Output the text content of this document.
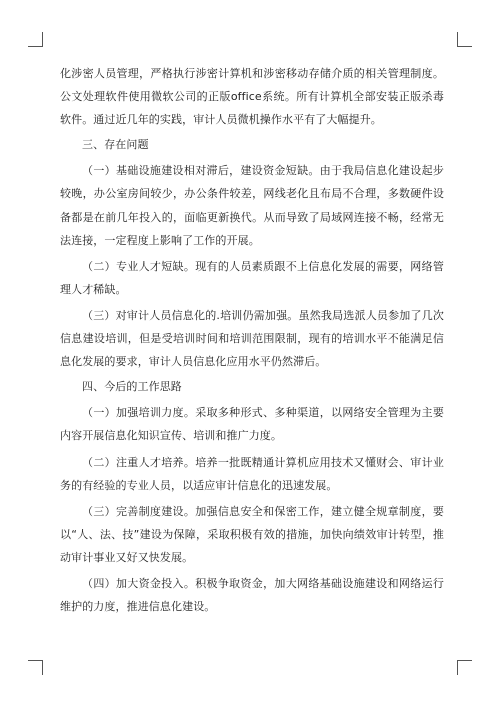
化涉密人员管理，严格执行涉密计算机和涉密移动存储介质的相关管理制度。公文处理软件使用微软公司的正版office系统。所有计算机全部安装正版杀毒软件。通过近几年的实践，审计人员微机操作水平有了大幅提升。

三、存在问题

（一）基础设施建设相对滞后，建设资金短缺。由于我局信息化建设起步较晚，办公室房间较少，办公条件较差，网线老化且布局不合理，多数硬件设备都是在前几年投入的，面临更新换代。从而导致了局域网连接不畅，经常无法连接，一定程度上影响了工作的开展。

（二）专业人才短缺。现有的人员素质跟不上信息化发展的需要，网络管理人才稀缺。

（三）对审计人员信息化的.培训仍需加强。虽然我局选派人员参加了几次信息建设培训，但是受培训时间和培训范围限制，现有的培训水平不能满足信息化发展的要求，审计人员信息化应用水平仍然滞后。

四、今后的工作思路

（一）加强培训力度。采取多种形式、多种渠道，以网络安全管理为主要内容开展信息化知识宣传、培训和推广力度。

（二）注重人才培养。培养一批既精通计算机应用技术又懂财会、审计业务的有经验的专业人员，以适应审计信息化的迅速发展。

（三）完善制度建设。加强信息安全和保密工作，建立健全规章制度，要以“人、法、技”建设为保障，采取积极有效的措施，加快向绩效审计转型，推动审计事业又好又快发展。

（四）加大资金投入。积极争取资金，加大网络基础设施建设和网络运行维护的力度，推进信息化建设。
